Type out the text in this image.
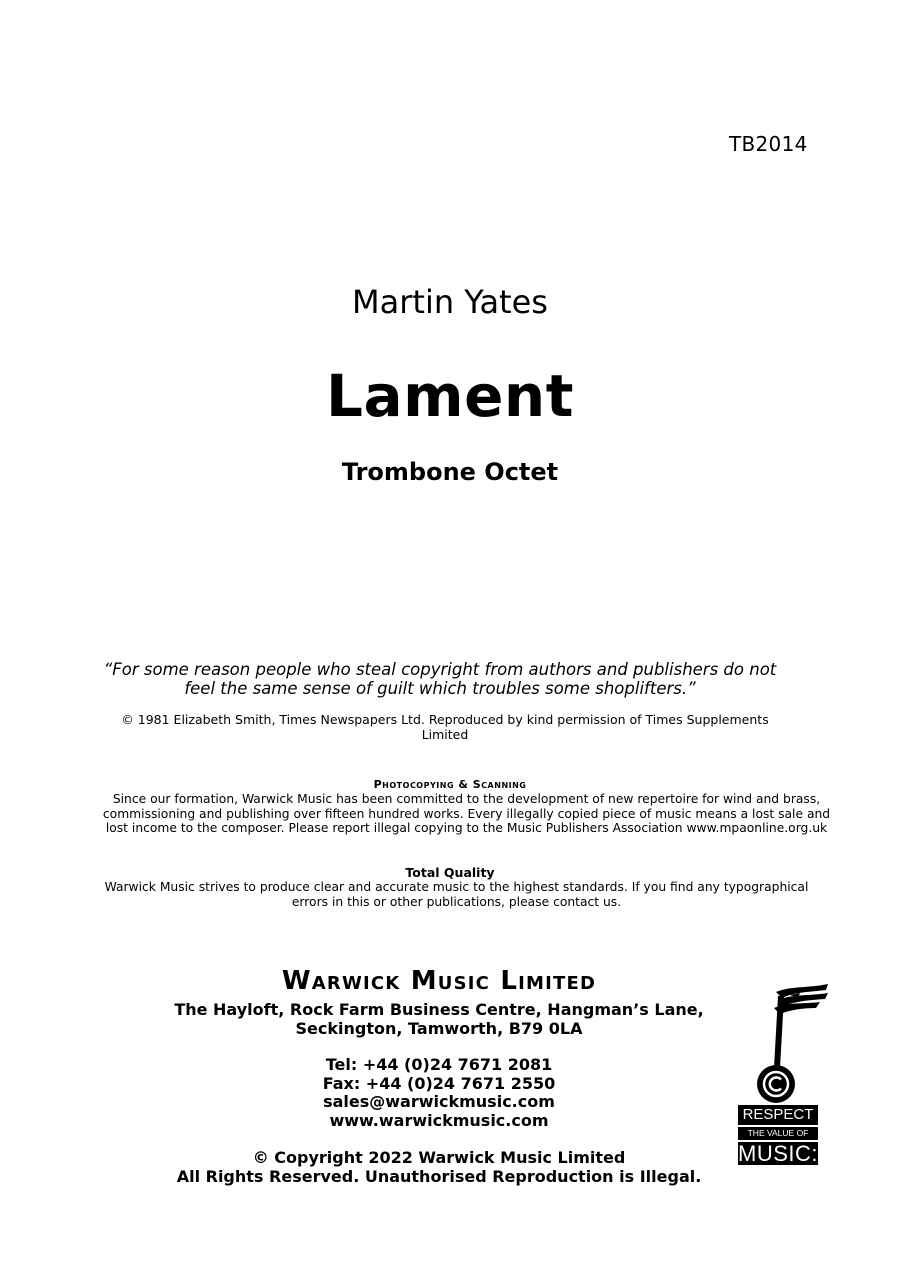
TB2014
Martin Yates
Lament
Trombone Octet
“For some reason people who steal copyright from authors and publishers do not feel the same sense of guilt which troubles some shoplifters.”
© 1981 Elizabeth Smith, Times Newspapers Ltd. Reproduced by kind permission of Times Supplements Limited
Photocopying & Scanning
Since our formation, Warwick Music has been committed to the development of new repertoire for wind and brass, commissioning and publishing over fifteen hundred works. Every illegally copied piece of music means a lost sale and lost income to the composer. Please report illegal copying to the Music Publishers Association www.mpaonline.org.uk
Total Quality
Warwick Music strives to produce clear and accurate music to the highest standards. If you find any typographical errors in this or other publications, please contact us.
Warwick Music Limited
The Hayloft, Rock Farm Business Centre, Hangman’s Lane,
Seckington, Tamworth, B79 0LA
Tel: +44 (0)24 7671 2081
Fax: +44 (0)24 7671 2550
sales@warwickmusic.com
www.warwickmusic.com
© Copyright 2022 Warwick Music Limited
All Rights Reserved. Unauthorised Reproduction is Illegal.
RESPECT
THE VALUE OF
MUSIC:
